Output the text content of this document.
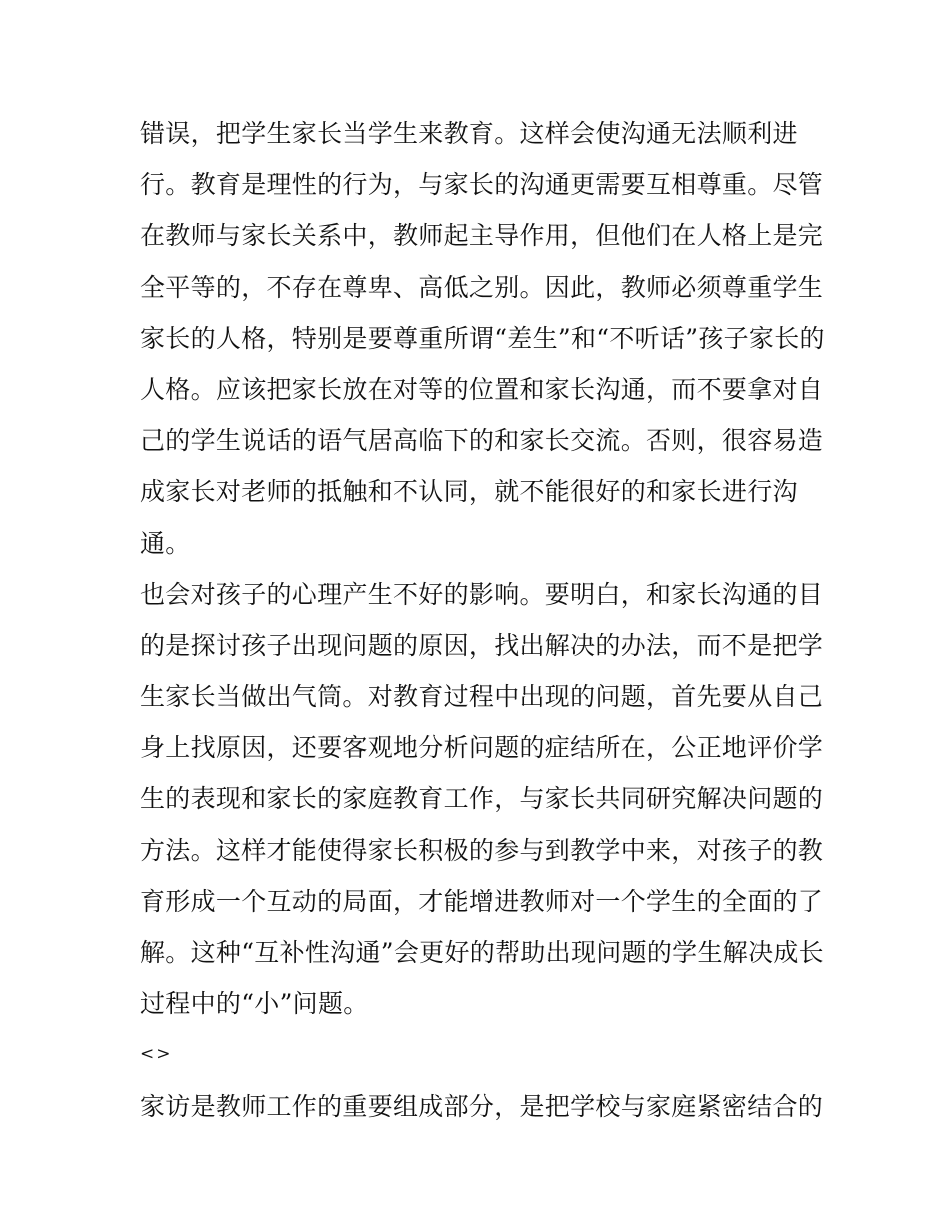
错误，把学生家长当学生来教育。这样会使沟通无法顺利进
行。教育是理性的行为，与家长的沟通更需要互相尊重。尽管
在教师与家长关系中，教师起主导作用，但他们在人格上是完
全平等的，不存在尊卑、高低之别。因此，教师必须尊重学生
家长的人格，特别是要尊重所谓“差生”和“不听话”孩子家长的
人格。应该把家长放在对等的位置和家长沟通，而不要拿对自
己的学生说话的语气居高临下的和家长交流。否则，很容易造
成家长对老师的抵触和不认同，就不能很好的和家长进行沟
通。
也会对孩子的心理产生不好的影响。要明白，和家长沟通的目
的是探讨孩子出现问题的原因，找出解决的办法，而不是把学
生家长当做出气筒。对教育过程中出现的问题，首先要从自己
身上找原因，还要客观地分析问题的症结所在，公正地评价学
生的表现和家长的家庭教育工作，与家长共同研究解决问题的
方法。这样才能使得家长积极的参与到教学中来，对孩子的教
育形成一个互动的局面，才能增进教师对一个学生的全面的了
解。这种“互补性沟通”会更好的帮助出现问题的学生解决成长
过程中的“小”问题。
<>
家访是教师工作的重要组成部分，是把学校与家庭紧密结合的
